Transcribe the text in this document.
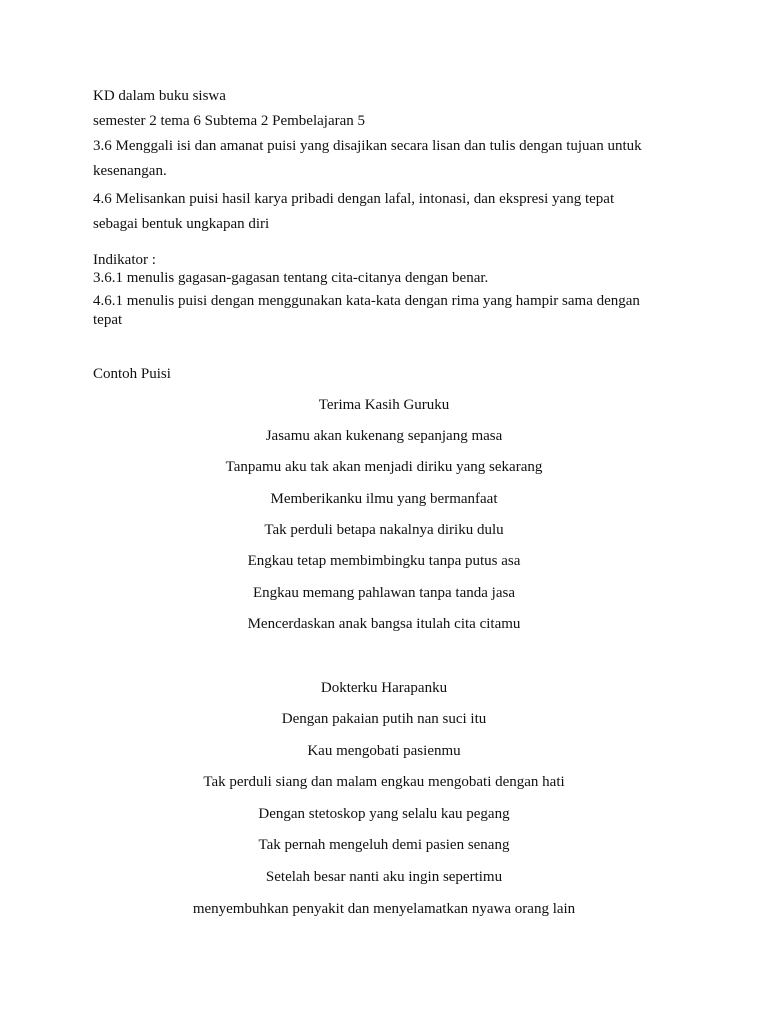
KD dalam buku siswa
semester 2 tema 6 Subtema 2 Pembelajaran 5
3.6 Menggali isi dan amanat puisi yang disajikan secara lisan dan tulis dengan tujuan untuk
kesenangan.
4.6 Melisankan puisi hasil karya pribadi dengan lafal, intonasi, dan ekspresi yang tepat
sebagai bentuk ungkapan diri
Indikator :
3.6.1 menulis gagasan-gagasan tentang cita-citanya dengan benar.
4.6.1 menulis puisi dengan menggunakan kata-kata dengan rima yang hampir sama dengan
tepat
Contoh Puisi
Terima Kasih Guruku
Jasamu akan kukenang sepanjang masa
Tanpamu aku tak akan menjadi diriku yang sekarang
Memberikanku ilmu yang bermanfaat
Tak perduli betapa nakalnya diriku dulu
Engkau tetap membimbingku tanpa putus asa
Engkau memang pahlawan tanpa tanda jasa
Mencerdaskan anak bangsa itulah cita citamu
Dokterku Harapanku
Dengan pakaian putih nan suci itu
Kau mengobati pasienmu
Tak perduli siang dan malam engkau mengobati dengan hati
Dengan stetoskop yang selalu kau pegang
Tak pernah mengeluh demi pasien senang
Setelah besar nanti aku ingin sepertimu
menyembuhkan penyakit dan menyelamatkan nyawa orang lain
